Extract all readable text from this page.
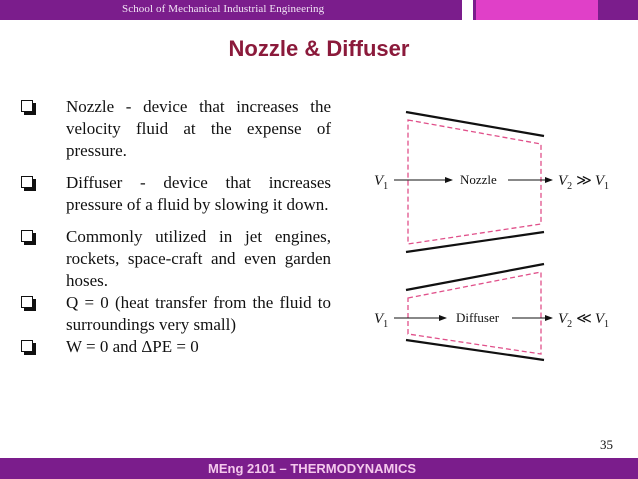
School of Mechanical Industrial Engineering
Nozzle & Diffuser
Nozzle - device that increases the velocity fluid at the expense of pressure.
Diffuser - device that increases pressure of a fluid by slowing it down.
Commonly utilized in jet engines, rockets, space-craft and even garden hoses.
Q = 0 (heat transfer from the fluid to surroundings very small)
W = 0 and ΔPE = 0
Nozzle
$V_1$	$V_2$ ≫ $V_1$
Diffuser
$V_1$	$V_2$ ≪ $V_1$
35
MEng 2101 – THERMODYNAMICS
